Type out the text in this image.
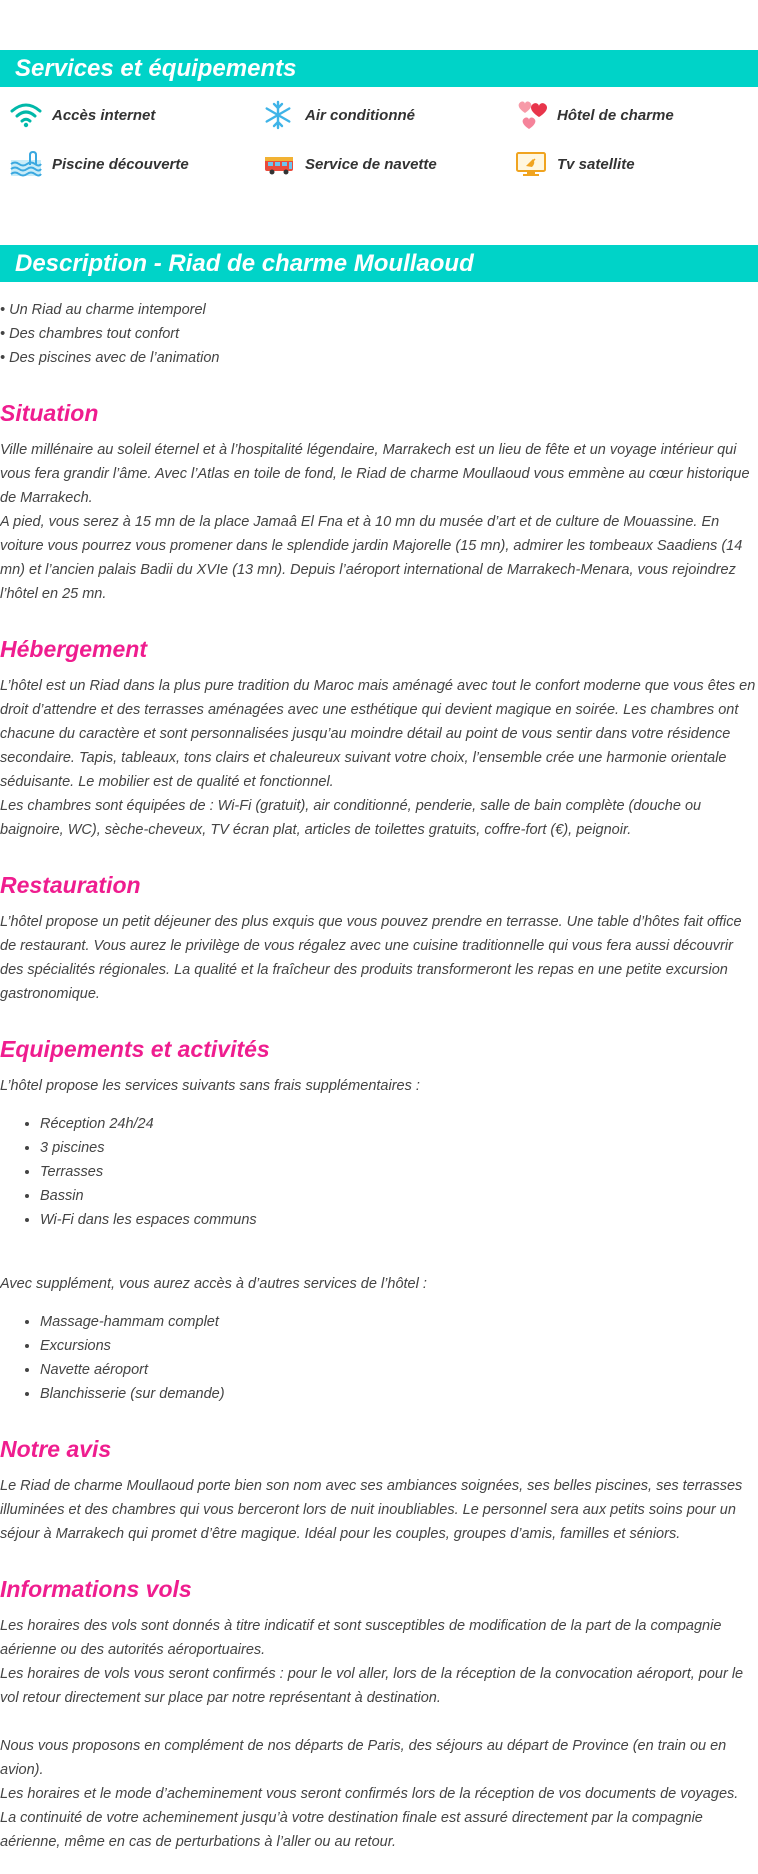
Services et équipements
Accès internet	Air conditionné	Hôtel de charme
Piscine découverte	Service de navette	Tv satellite
Description - Riad de charme Moullaoud
• Un Riad au charme intemporel
• Des chambres tout confort
• Des piscines avec de l’animation
Situation

Ville millénaire au soleil éternel et à l’hospitalité légendaire, Marrakech est un lieu de fête et un voyage intérieur qui vous fera grandir l’âme. Avec l’Atlas en toile de fond, le Riad de charme Moullaoud vous emmène au cœur historique de Marrakech.

A pied, vous serez à 15 mn de la place Jamaâ El Fna et à 10 mn du musée d’art et de culture de Mouassine. En voiture vous pourrez vous promener dans le splendide jardin Majorelle (15 mn), admirer les tombeaux Saadiens (14 mn) et l’ancien palais Badii du XVIe (13 mn). Depuis l’aéroport international de Marrakech-Menara, vous rejoindrez l’hôtel en 25 mn.

Hébergement

L’hôtel est un Riad dans la plus pure tradition du Maroc mais aménagé avec tout le confort moderne que vous êtes en droit d’attendre et des terrasses aménagées avec une esthétique qui devient magique en soirée. Les chambres ont chacune du caractère et sont personnalisées jusqu’au moindre détail au point de vous sentir dans votre résidence secondaire. Tapis, tableaux, tons clairs et chaleureux suivant votre choix, l’ensemble crée une harmonie orientale séduisante. Le mobilier est de qualité et fonctionnel.

Les chambres sont équipées de : Wi-Fi (gratuit), air conditionné, penderie, salle de bain complète (douche ou baignoire, WC), sèche-cheveux, TV écran plat, articles de toilettes gratuits, coffre-fort (€), peignoir.

Restauration

L’hôtel propose un petit déjeuner des plus exquis que vous pouvez prendre en terrasse. Une table d’hôtes fait office de restaurant. Vous aurez le privilège de vous régalez avec une cuisine traditionnelle qui vous fera aussi découvrir des spécialités régionales. La qualité et la fraîcheur des produits transformeront les repas en une petite excursion gastronomique.

Equipements et activités

L’hôtel propose les services suivants sans frais supplémentaires :

• Réception 24h/24
• 3 piscines
• Terrasses
• Bassin
• Wi-Fi dans les espaces communs

Avec supplément, vous aurez accès à d’autres services de l’hôtel :

• Massage-hammam complet
• Excursions
• Navette aéroport
• Blanchisserie (sur demande)
Notre avis

Le Riad de charme Moullaoud porte bien son nom avec ses ambiances soignées, ses belles piscines, ses terrasses illuminées et des chambres qui vous berceront lors de nuit inoubliables. Le personnel sera aux petits soins pour un séjour à Marrakech qui promet d’être magique. Idéal pour les couples, groupes d’amis, familles et séniors.

Informations vols

Les horaires des vols sont donnés à titre indicatif et sont susceptibles de modification de la part de la compagnie aérienne ou des autorités aéroportuaires.

Les horaires de vols vous seront confirmés : pour le vol aller, lors de la réception de la convocation aéroport, pour le vol retour directement sur place par notre représentant à destination.

Nous vous proposons en complément de nos départs de Paris, des séjours au départ de Province (en train ou en avion).

Les horaires et le mode d’acheminement vous seront confirmés lors de la réception de vos documents de voyages.

La continuité de votre acheminement jusqu’à votre destination finale est assuré directement par la compagnie aérienne, même en cas de perturbations à l’aller ou au retour.
